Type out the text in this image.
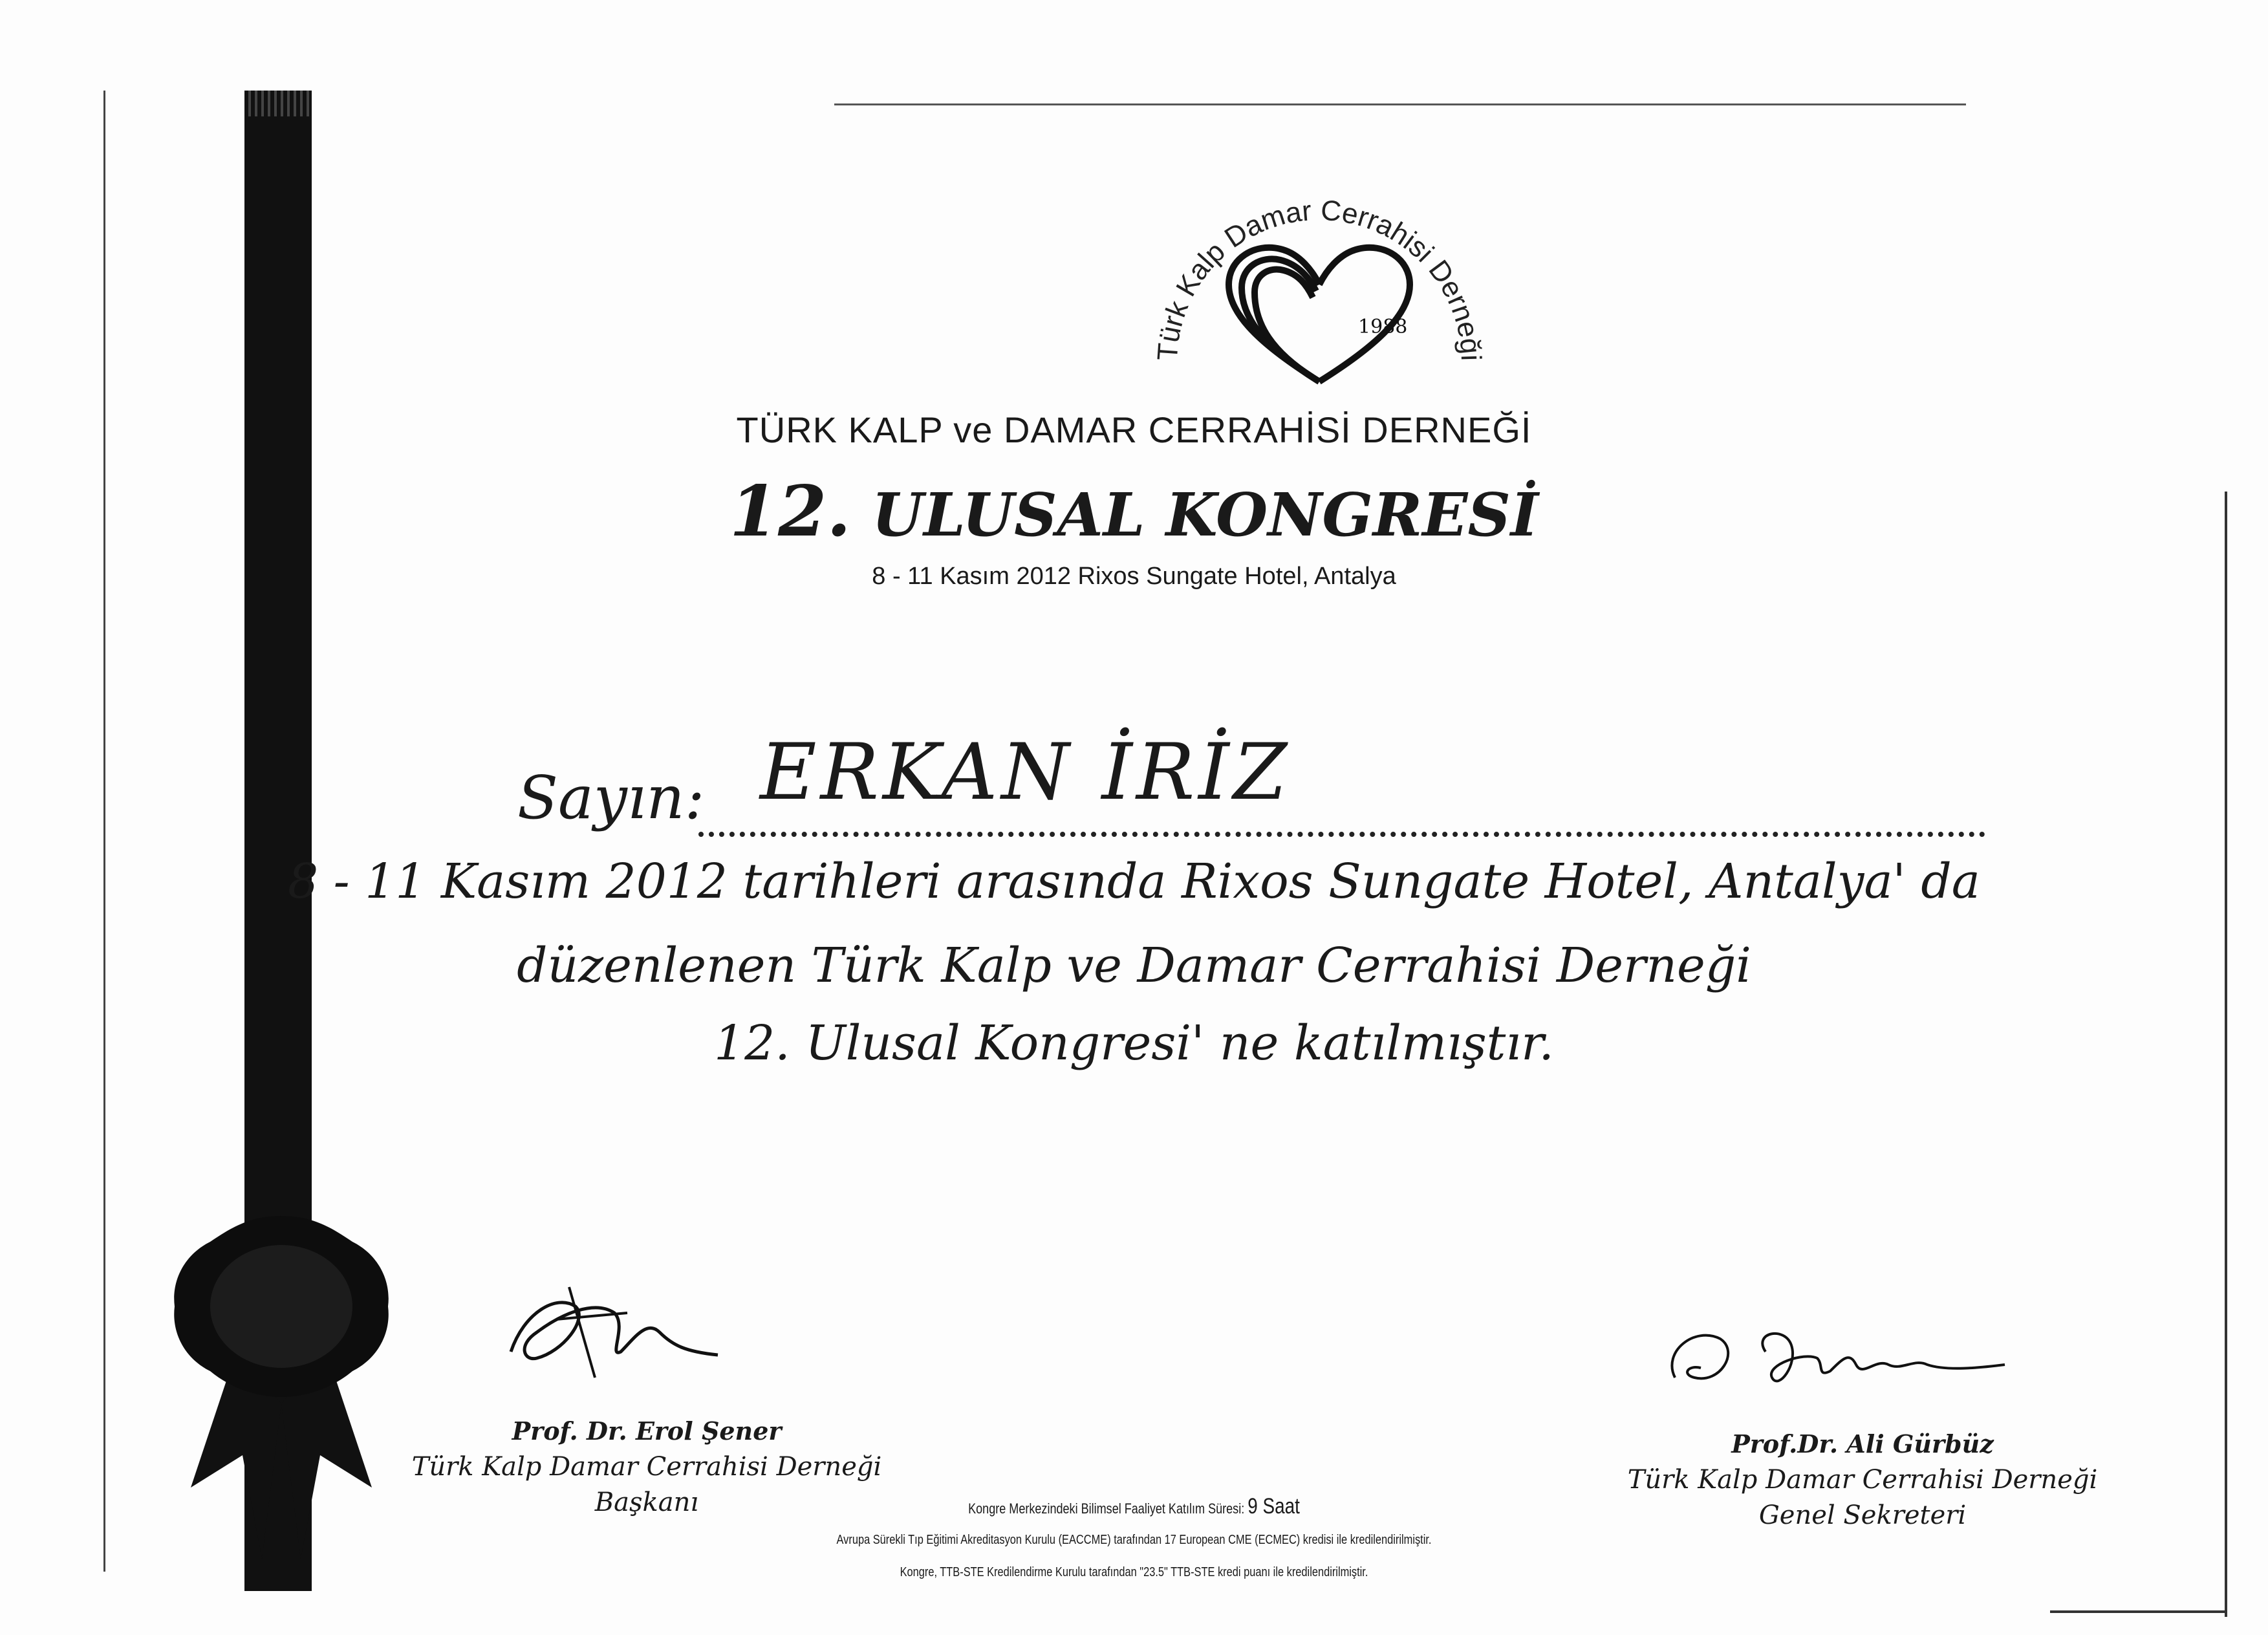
Türk Kalp Damar Cerrahisi Derneği
1988
TÜRK KALP ve DAMAR CERRAHİSİ DERNEĞİ
12. ULUSAL KONGRESİ
8 - 11 Kasım 2012 Rixos Sungate Hotel, Antalya
Sayın: ERKAN İRİZ
8 - 11 Kasım 2012 tarihleri arasında Rixos Sungate Hotel, Antalya' da
düzenlenen Türk Kalp ve Damar Cerrahisi Derneği
12. Ulusal Kongresi' ne katılmıştır.
Prof. Dr. Erol Şener
Türk Kalp Damar Cerrahisi Derneği
Başkanı
Prof.Dr. Ali Gürbüz
Türk Kalp Damar Cerrahisi Derneği
Genel Sekreteri
Kongre Merkezindeki Bilimsel Faaliyet Katılım Süresi: 9 Saat
Avrupa Sürekli Tıp Eğitimi Akreditasyon Kurulu (EACCME) tarafından 17 European CME (ECMEC) kredisi ile kredilendirilmiştir.
Kongre, TTB-STE Kredilendirme Kurulu tarafından "23.5" TTB-STE kredi puanı ile kredilendirilmiştir.
